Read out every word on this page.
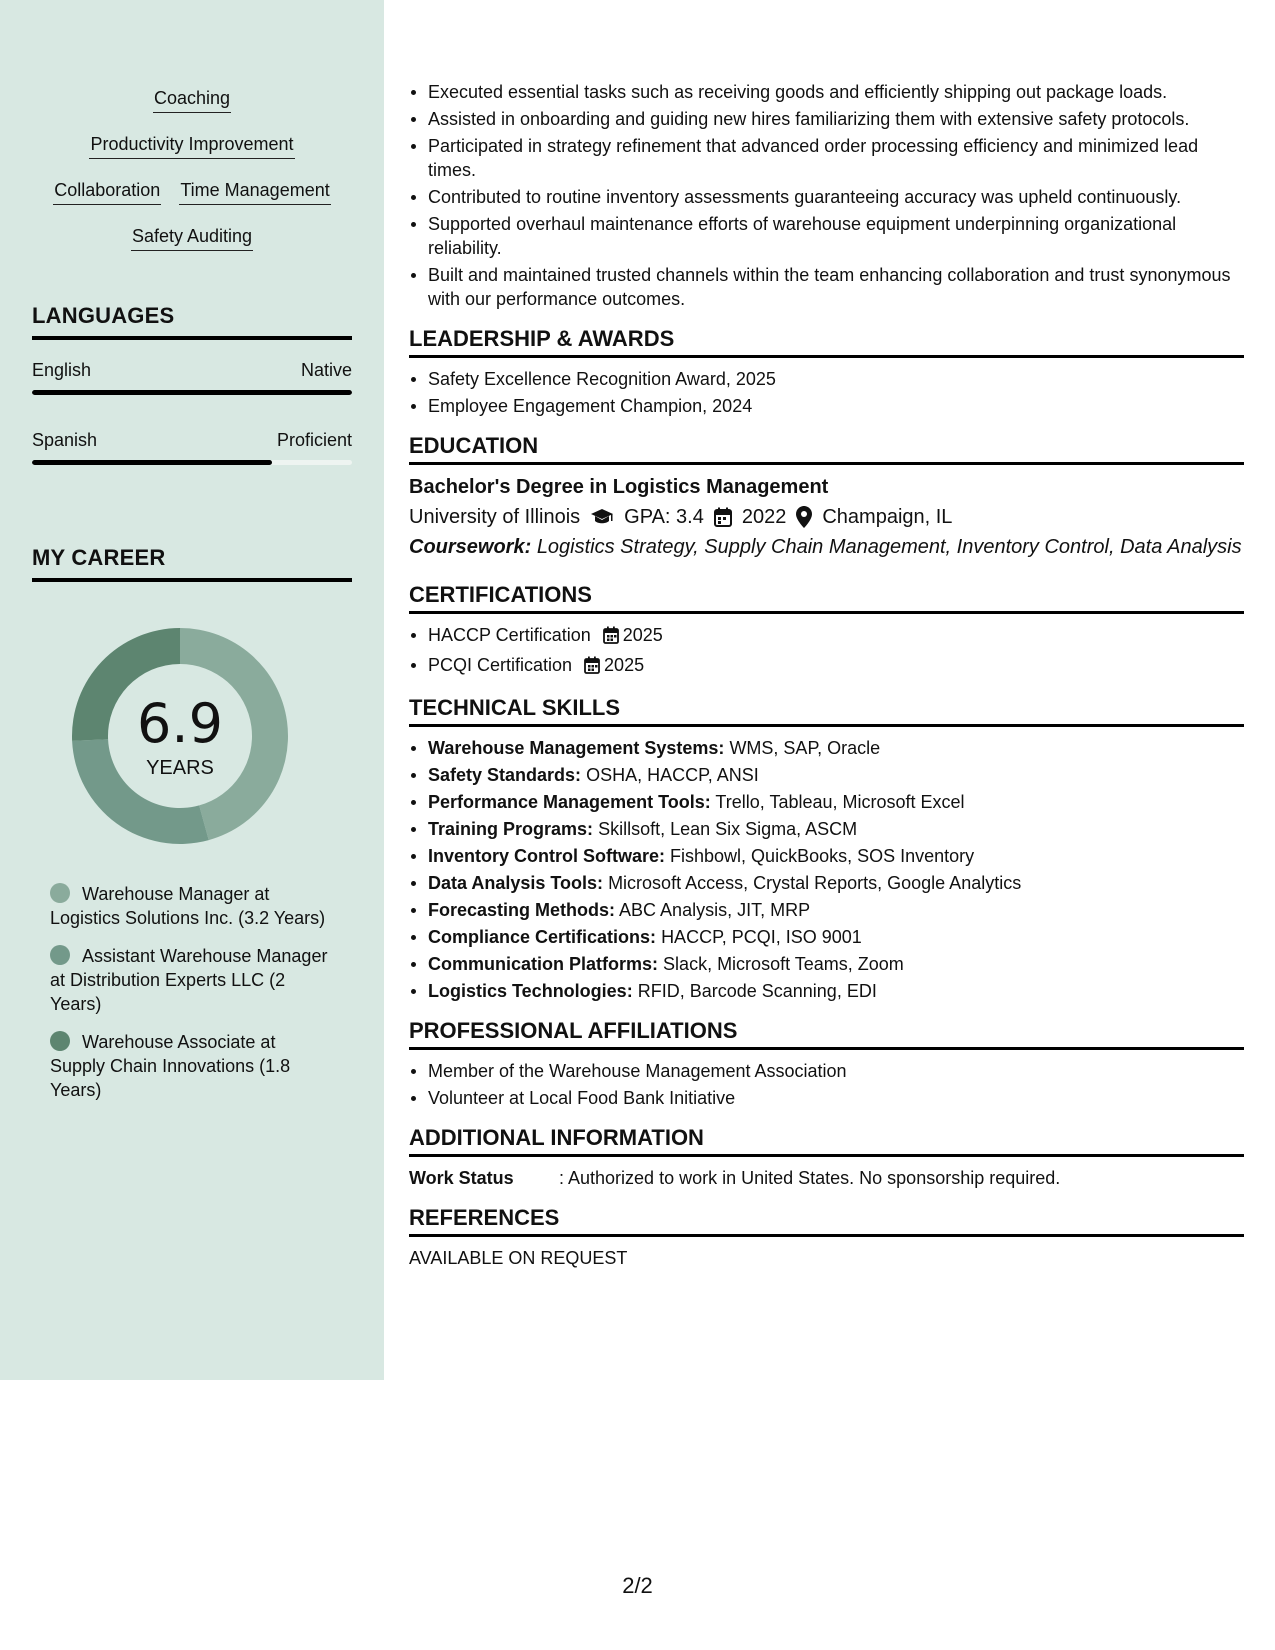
Coaching
Productivity Improvement
Collaboration Time Management
Safety Auditing
LANGUAGES
English	Native
Spanish	Proficient
MY CAREER
6.9
YEARS
Warehouse Manager at Logistics Solutions Inc. (3.2 Years)
Assistant Warehouse Manager at Distribution Experts LLC (2 Years)
Warehouse Associate at Supply Chain Innovations (1.8 Years)
Executed essential tasks such as receiving goods and efficiently shipping out package loads.
Assisted in onboarding and guiding new hires familiarizing them with extensive safety protocols.
Participated in strategy refinement that advanced order processing efficiency and minimized lead times.
Contributed to routine inventory assessments guaranteeing accuracy was upheld continuously.
Supported overhaul maintenance efforts of warehouse equipment underpinning organizational reliability.
Built and maintained trusted channels within the team enhancing collaboration and trust synonymous with our performance outcomes.
LEADERSHIP & AWARDS
Safety Excellence Recognition Award, 2025
Employee Engagement Champion, 2024
EDUCATION
Bachelor's Degree in Logistics Management
University of Illinois GPA: 3.4 2022 Champaign, IL
Coursework: Logistics Strategy, Supply Chain Management, Inventory Control, Data Analysis
CERTIFICATIONS
HACCP Certification 2025
PCQI Certification 2025
TECHNICAL SKILLS
Warehouse Management Systems: WMS, SAP, Oracle
Safety Standards: OSHA, HACCP, ANSI
Performance Management Tools: Trello, Tableau, Microsoft Excel
Training Programs: Skillsoft, Lean Six Sigma, ASCM
Inventory Control Software: Fishbowl, QuickBooks, SOS Inventory
Data Analysis Tools: Microsoft Access, Crystal Reports, Google Analytics
Forecasting Methods: ABC Analysis, JIT, MRP
Compliance Certifications: HACCP, PCQI, ISO 9001
Communication Platforms: Slack, Microsoft Teams, Zoom
Logistics Technologies: RFID, Barcode Scanning, EDI
PROFESSIONAL AFFILIATIONS
Member of the Warehouse Management Association
Volunteer at Local Food Bank Initiative
ADDITIONAL INFORMATION
Work Status	: Authorized to work in United States. No sponsorship required.
REFERENCES
AVAILABLE ON REQUEST
2/2
